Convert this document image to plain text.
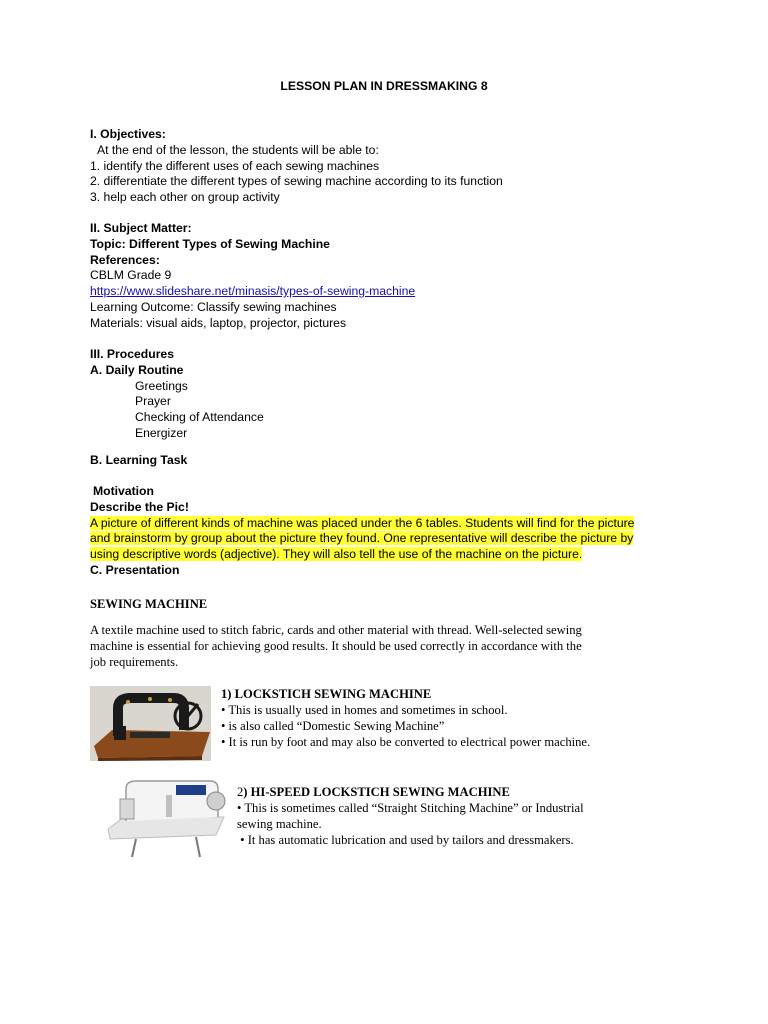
LESSON PLAN IN DRESSMAKING 8

I. Objectives:
At the end of the lesson, the students will be able to:
1. identify the different uses of each sewing machines
2. differentiate the different types of sewing machine according to its function
3. help each other on group activity
II. Subject Matter:
Topic: Different Types of Sewing Machine
References:
CBLM Grade 9
https://www.slideshare.net/minasis/types-of-sewing-machine
Learning Outcome: Classify sewing machines
Materials: visual aids, laptop, projector, pictures
III. Procedures
A. Daily Routine
Greetings
Prayer
Checking of Attendance
Energizer
B. Learning Task
Motivation
Describe the Pic!
A picture of different kinds of machine was placed under the 6 tables. Students will find for the picture
and brainstorm by group about the picture they found. One representative will describe the picture by
using descriptive words (adjective). They will also tell the use of the machine on the picture.
C. Presentation

SEWING MACHINE

A textile machine used to stitch fabric, cards and other material with thread. Well-selected sewing
machine is essential for achieving good results. It should be used correctly in accordance with the
job requirements.
1) LOCKSTICH SEWING MACHINE
• This is usually used in homes and sometimes in school.
• is also called “Domestic Sewing Machine”
• It is run by foot and may also be converted to electrical power machine.
2) HI-SPEED LOCKSTICH SEWING MACHINE
• This is sometimes called “Straight Stitching Machine” or Industrial
sewing machine.
• It has automatic lubrication and used by tailors and dressmakers.
